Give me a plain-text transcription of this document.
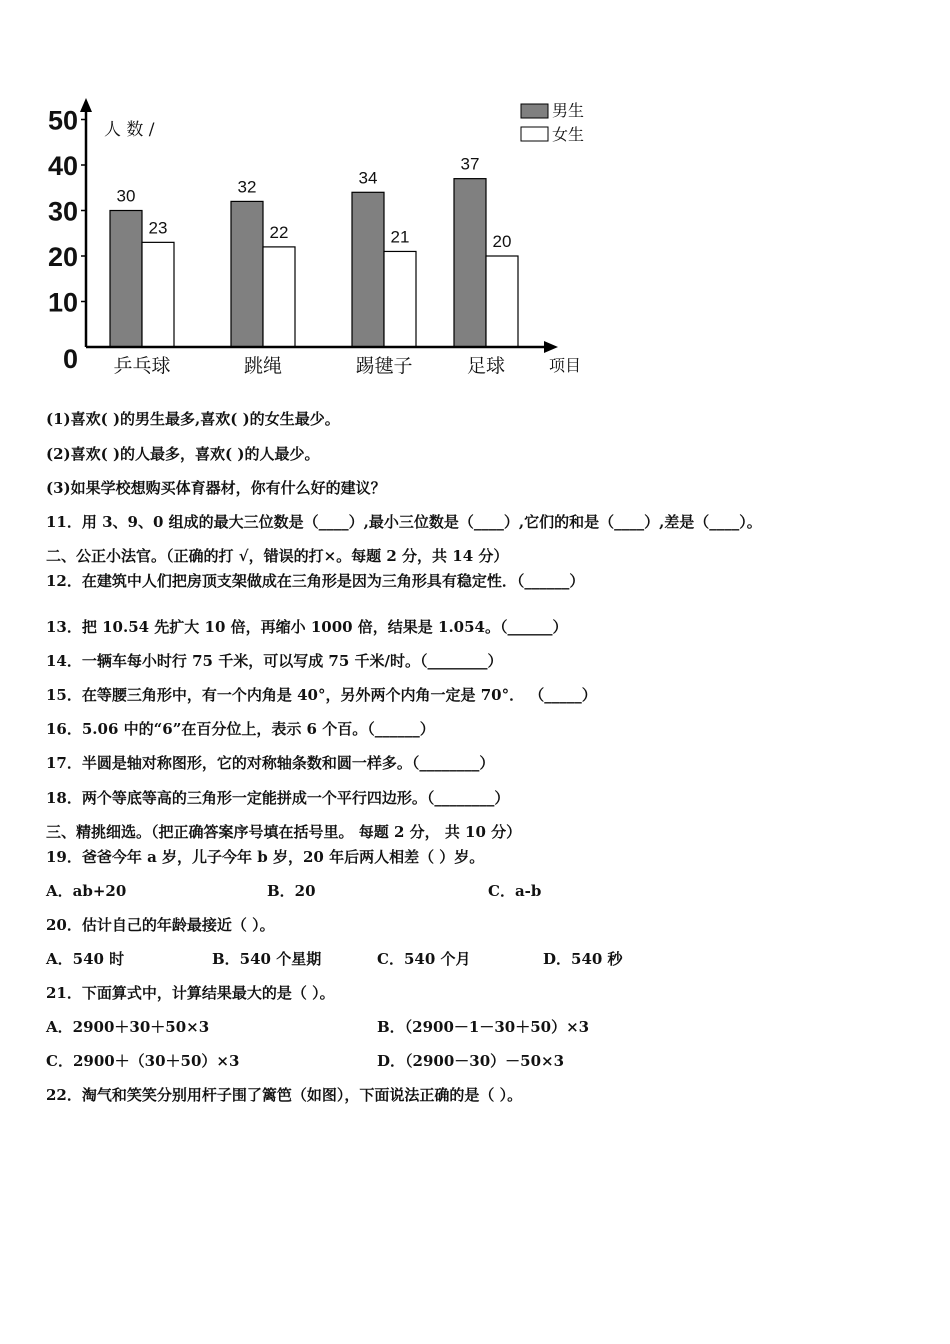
30	32	34
37
23	22	21	20
乒乓球	跳绳	踢毽子	足球
0
10
20
30
40
50 人 数 /
项目
男生
女生
(1)喜欢( )的男生最多,喜欢( )的女生最少。
(2)喜欢( )的人最多，喜欢( )的人最少。
(3)如果学校想购买体育器材，你有什么好的建议？
11．用 3、9、0 组成的最大三位数是（____）,最小三位数是（____）,它们的和是（____）,差是（____）。
二、公正小法官。（正确的打 √，错误的打×。每题 2 分，共 14 分）
12．在建筑中人们把房顶支架做成在三角形是因为三角形具有稳定性．（______）
13．把 10.54 先扩大 10 倍，再缩小 1000 倍，结果是 1.054。（______）
14．一辆车每小时行 75 千米，可以写成 75 千米/时。（________）
15．在等腰三角形中，有一个内角是 40°，另外两个内角一定是 70°． （_____）
16．5.06 中的“6”在百分位上，表示 6 个百。（______）
17．半圆是轴对称图形，它的对称轴条数和圆一样多。（________）
18．两个等底等高的三角形一定能拼成一个平行四边形。（________）
三、精挑细选。（把正确答案序号填在括号里。 每题 2 分， 共 10 分）
19．爸爸今年 a 岁，儿子今年 b 岁，20 年后两人相差（ ）岁。
A．ab+20	B．20	C．a-b
20．估计自己的年龄最接近（ ）。
A．540 时	B．540 个星期	C．540 个月	D．540 秒
21．下面算式中，计算结果最大的是（ ）。
A．2900＋30＋50×3	B．（2900－1－30＋50）×3
C．2900＋（30＋50）×3	D．（2900－30）－50×3
22．淘气和笑笑分别用杆子围了篱笆（如图），下面说法正确的是（ ）。
